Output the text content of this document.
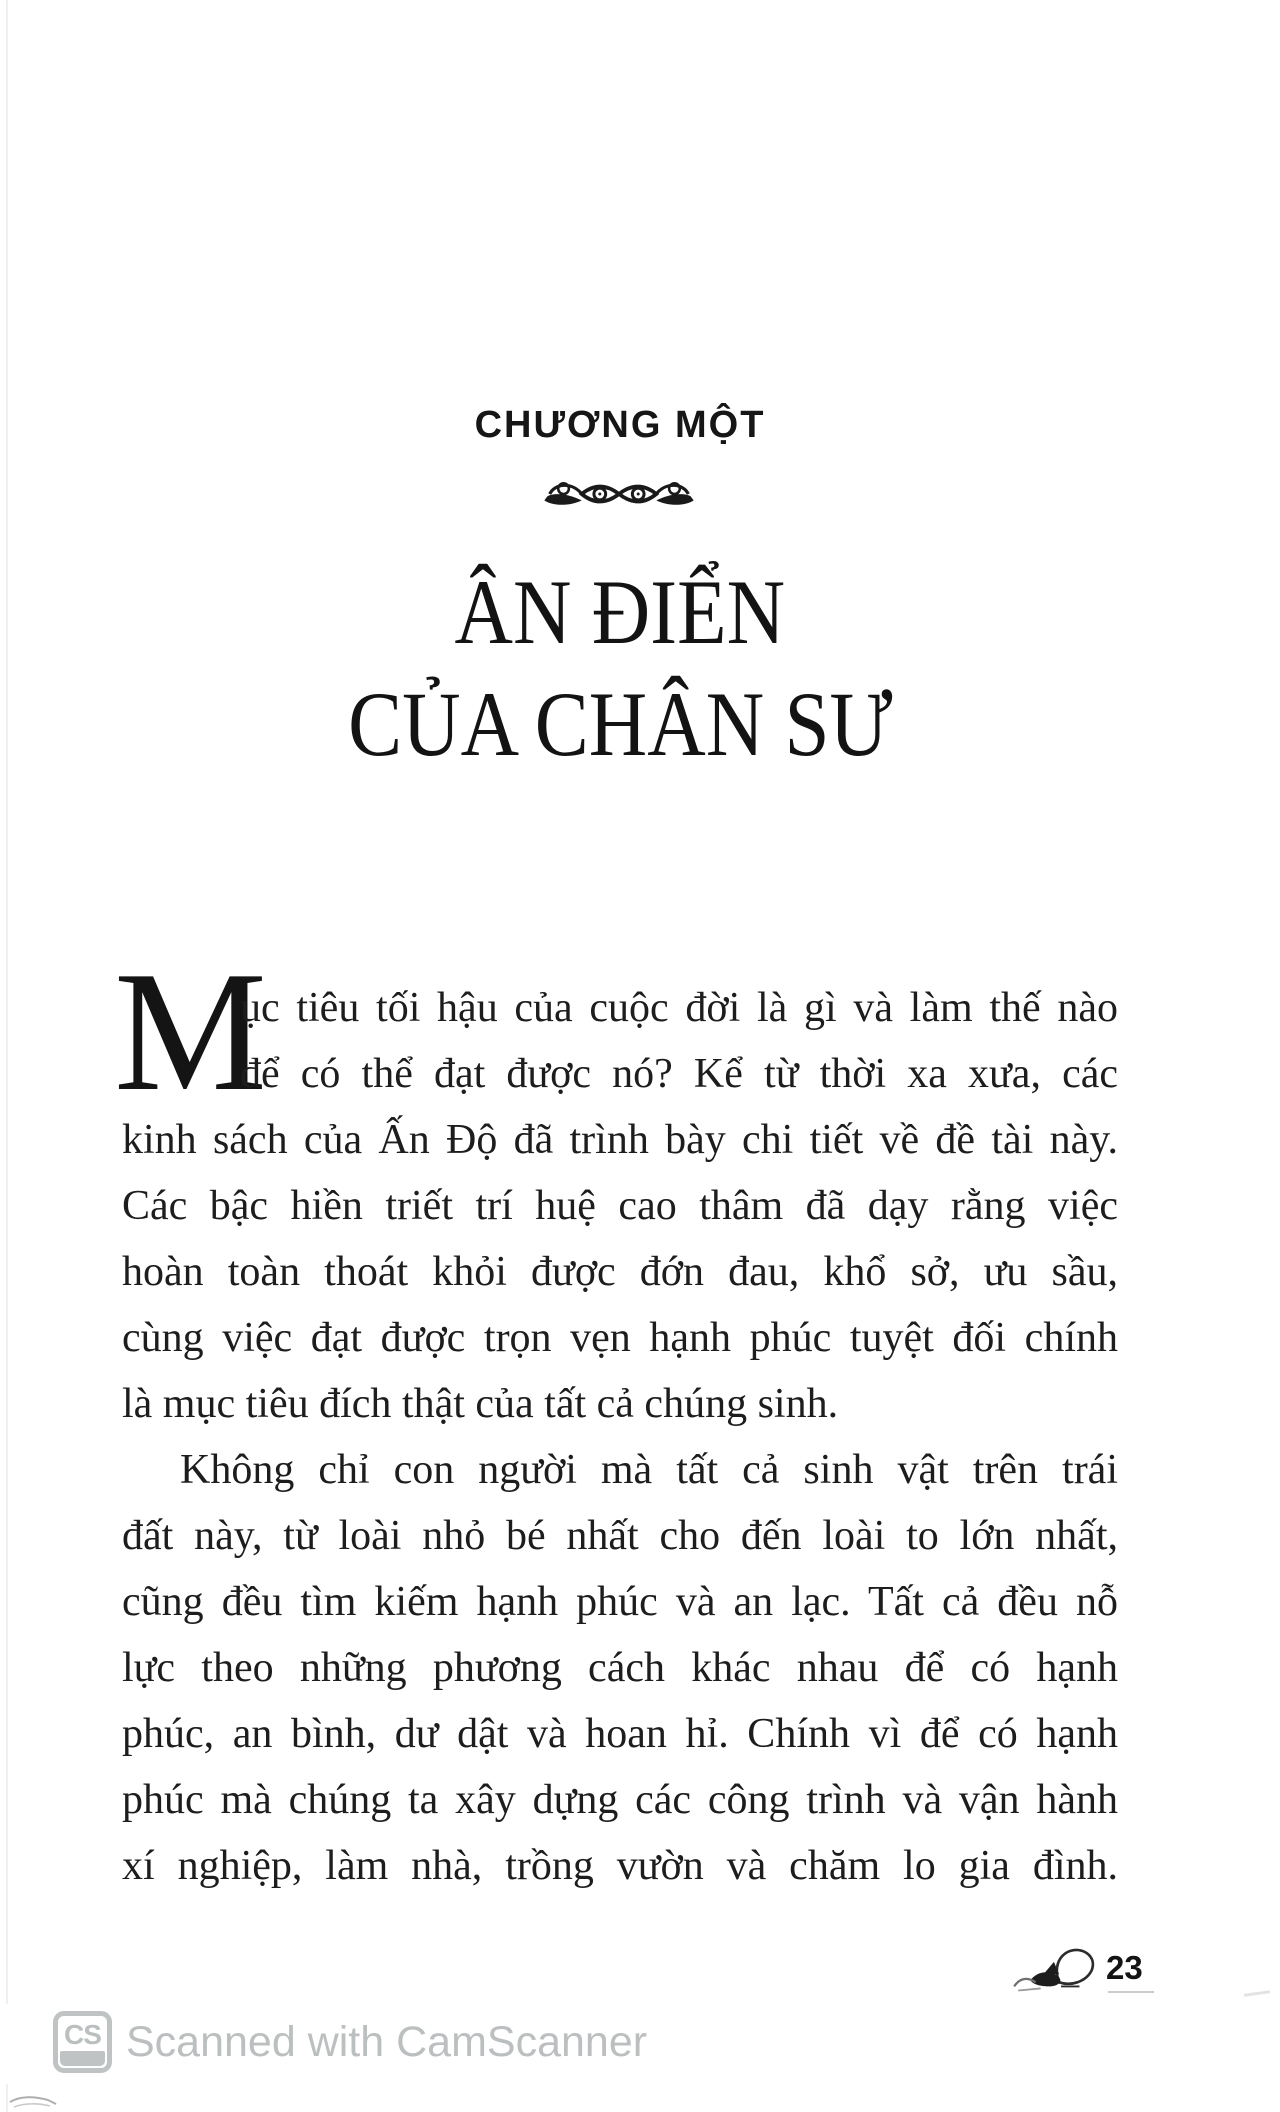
CHƯƠNG MỘT
ÂN ĐIỂN
CỦA CHÂN SƯ
M
ục tiêu tối hậu của cuộc đời là gì và làm thế nào
để có thể đạt được nó? Kể từ thời xa xưa, các
kinh sách của Ấn Độ đã trình bày chi tiết về đề tài này.
Các bậc hiền triết trí huệ cao thâm đã dạy rằng việc
hoàn toàn thoát khỏi được đớn đau, khổ sở, ưu sầu,
cùng việc đạt được trọn vẹn hạnh phúc tuyệt đối chính
là mục tiêu đích thật của tất cả chúng sinh.
Không chỉ con người mà tất cả sinh vật trên trái
đất này, từ loài nhỏ bé nhất cho đến loài to lớn nhất,
cũng đều tìm kiếm hạnh phúc và an lạc. Tất cả đều nỗ
lực theo những phương cách khác nhau để có hạnh
phúc, an bình, dư dật và hoan hỉ. Chính vì để có hạnh
phúc mà chúng ta xây dựng các công trình và vận hành
xí nghiệp, làm nhà, trồng vườn và chăm lo gia đình.
23
CS Scanned with CamScanner
